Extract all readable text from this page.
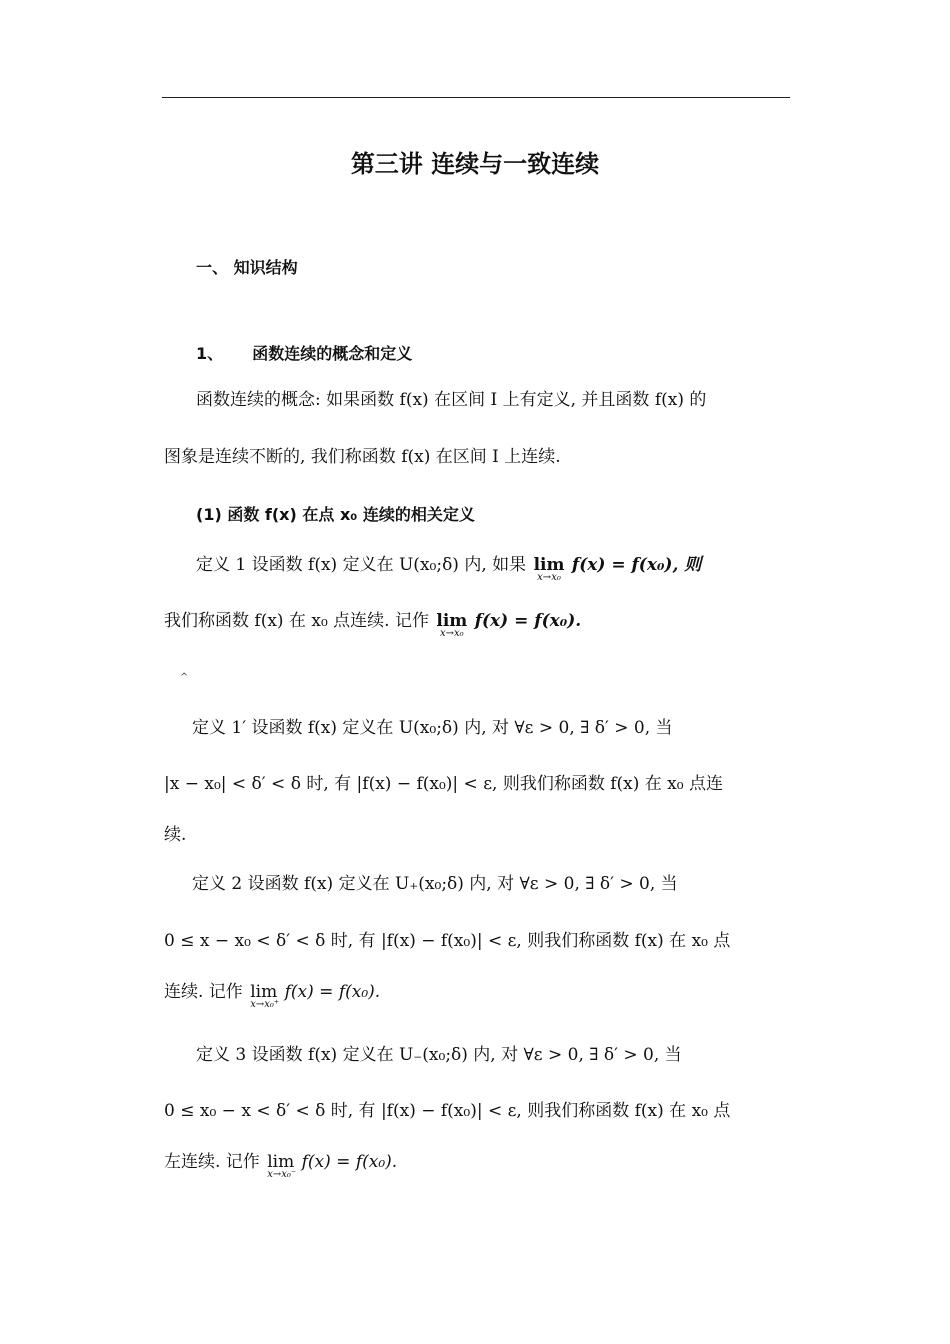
第三讲 连续与一致连续
一、 知识结构
1、 函数连续的概念和定义
函数连续的概念: 如果函数 f(x) 在区间 I 上有定义, 并且函数 f(x) 的
图象是连续不断的, 我们称函数 f(x) 在区间 I 上连续.
(1) 函数 f(x) 在点 x₀ 连续的相关定义
定义 1 设函数 f(x) 定义在 U(x₀;δ) 内, 如果 lim
x→x₀
f(x) = f(x₀), 则
我们称函数 f(x) 在 x₀ 点连续. 记作 lim
x→x₀
f(x) = f(x₀).
^
定义 1′ 设函数 f(x) 定义在 U(x₀;δ) 内, 对 ∀ε > 0, ∃ δ′ > 0, 当
|x − x₀| < δ′ < δ 时, 有 |f(x) − f(x₀)| < ε, 则我们称函数 f(x) 在 x₀ 点连
续.
定义 2 设函数 f(x) 定义在 U₊(x₀;δ) 内, 对 ∀ε > 0, ∃ δ′ > 0, 当
0 ≤ x − x₀ < δ′ < δ 时, 有 |f(x) − f(x₀)| < ε, 则我们称函数 f(x) 在 x₀ 点
连续. 记作 lim
x→x₀⁺
f(x) = f(x₀).
定义 3 设函数 f(x) 定义在 U₋(x₀;δ) 内, 对 ∀ε > 0, ∃ δ′ > 0, 当
0 ≤ x₀ − x < δ′ < δ 时, 有 |f(x) − f(x₀)| < ε, 则我们称函数 f(x) 在 x₀ 点
左连续. 记作 lim
x→x₀⁻
f(x) = f(x₀).
